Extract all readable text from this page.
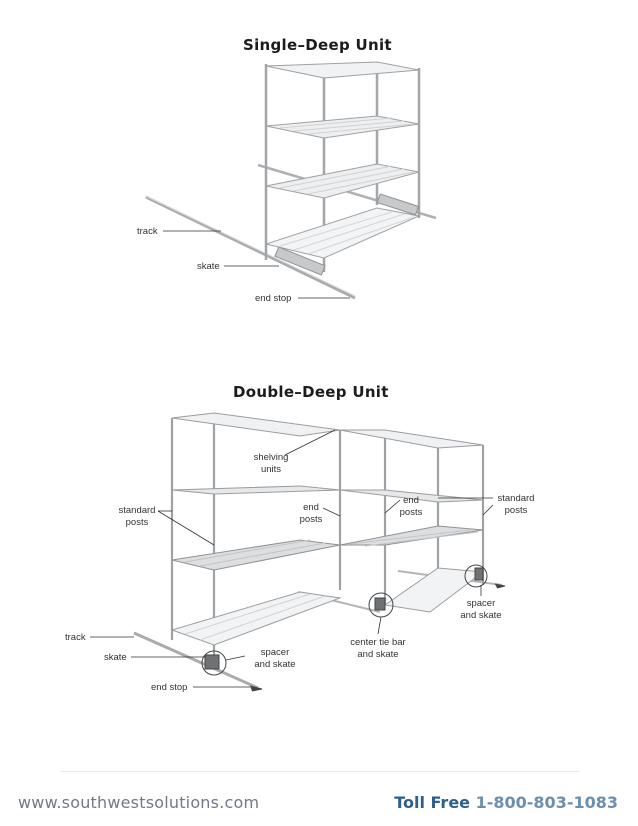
Single–Deep Unit
track
skate
end stop
Double–Deep Unit
shelving
units
end
posts
end
posts
standard
posts
standard
posts
spacer
and skate
center tie bar
and skate
spacer
and skate
track
skate
end stop
www.southwestsolutions.com	Toll Free 1-800-803-1083
